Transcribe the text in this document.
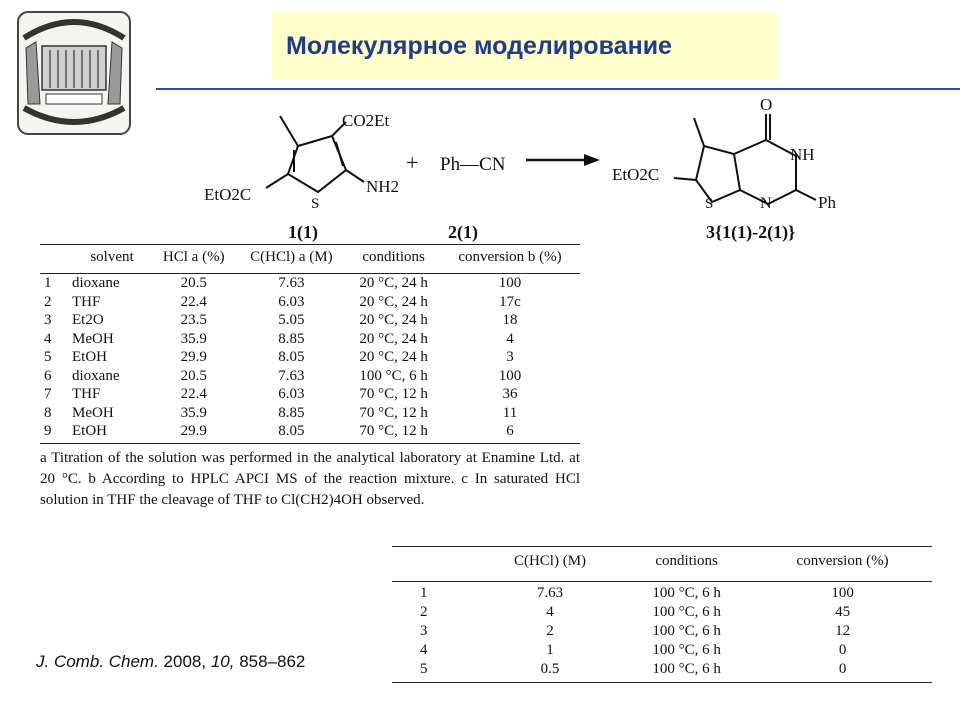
Молекулярное моделирование
CO2Et
EtO2C	NH2
S
1(1)
+ Ph—CN
2(1)
O
NH
N	Ph
S
EtO2C
3{1(1)-2(1)}
	solvent	HCl a (%)	C(HCl) a (M)	conditions	conversion b (%)

1	dioxane	20.5	7.63	20 °C, 24 h	100
2	THF	22.4	6.03	20 °C, 24 h	17c
3	Et2O	23.5	5.05	20 °C, 24 h	18
4	MeOH	35.9	8.85	20 °C, 24 h	4
5	EtOH	29.9	8.05	20 °C, 24 h	3
6	dioxane	20.5	7.63	100 °C, 6 h	100
7	THF	22.4	6.03	70 °C, 12 h	36
8	MeOH	35.9	8.85	70 °C, 12 h	11
9	EtOH	29.9	8.05	70 °C, 12 h	6
a Titration of the solution was performed in the analytical laboratory at Enamine Ltd. at 20 °C. b According to HPLC APCI MS of the reaction mixture. c In saturated HCl solution in THF the cleavage of THF to Cl(CH2)4OH observed.
	C(HCl) (M)	conditions	conversion (%)

1	7.63	100 °C, 6 h	100
2	4	100 °C, 6 h	45
3	2	100 °C, 6 h	12
4	1	100 °C, 6 h	0
5	0.5	100 °C, 6 h	0
J. Comb. Chem. 2008, 10, 858–862
